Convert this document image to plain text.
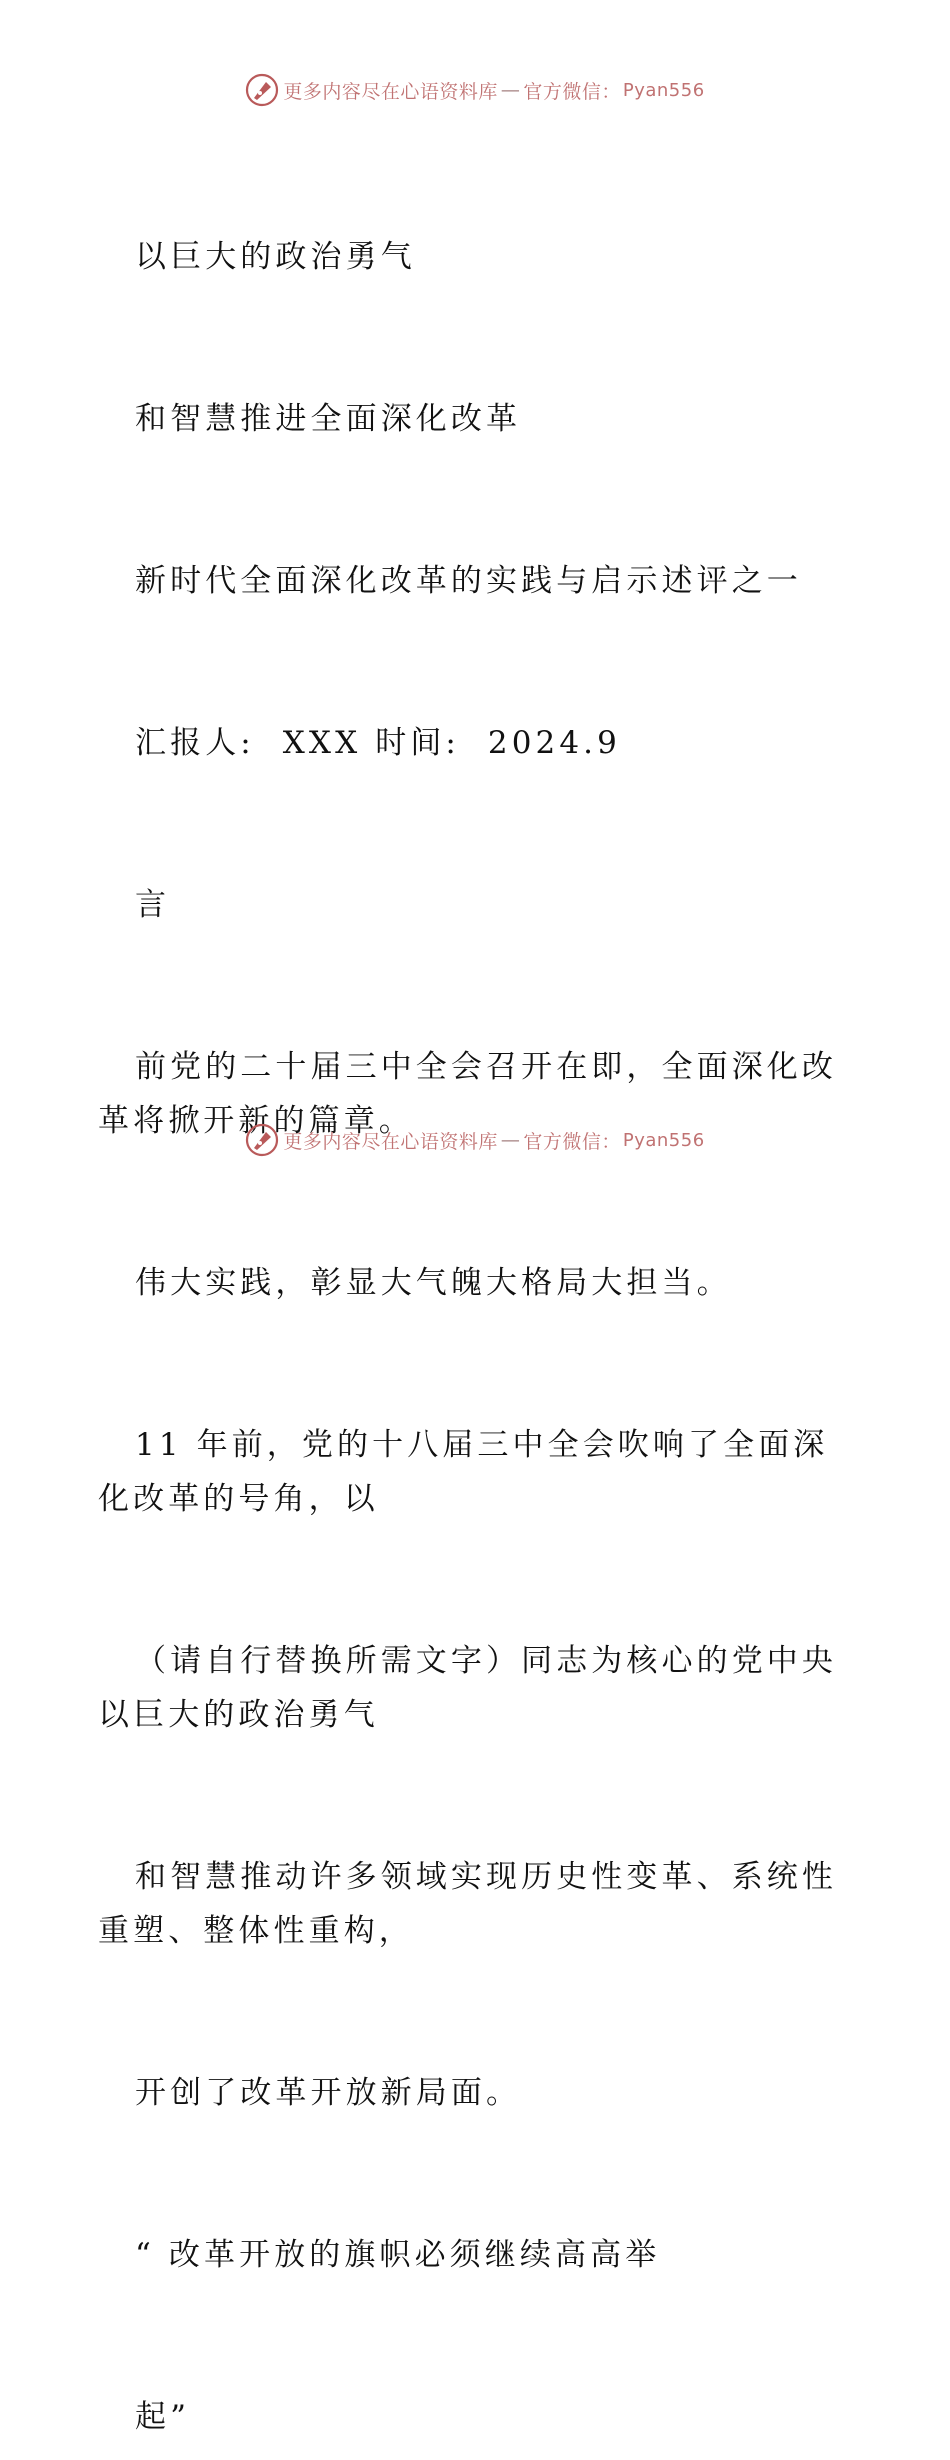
更多内容尽在心语资料库 — 官方微信： Pyan556

以巨大的政治勇气

和智慧推进全面深化改革

新时代全面深化改革的实践与启示述评之一

汇报人:  XXX 时间:  2024.9

言

前党的二十届三中全会召开在即，全面深化改革将掀开新的篇章。

伟大实践，彰显大气魄大格局大担当。

11 年前，党的十八届三中全会吹响了全面深化改革的号角，以

（请自行替换所需文字）同志为核心的党中央以巨大的政治勇气

和智慧推动许多领域实现历史性变革、系统性重塑、整体性重构，

开创了改革开放新局面。

“ 改革开放的旗帜必须继续高高举

起”

更多内容尽在心语资料库 — 官方微信： Pyan556
